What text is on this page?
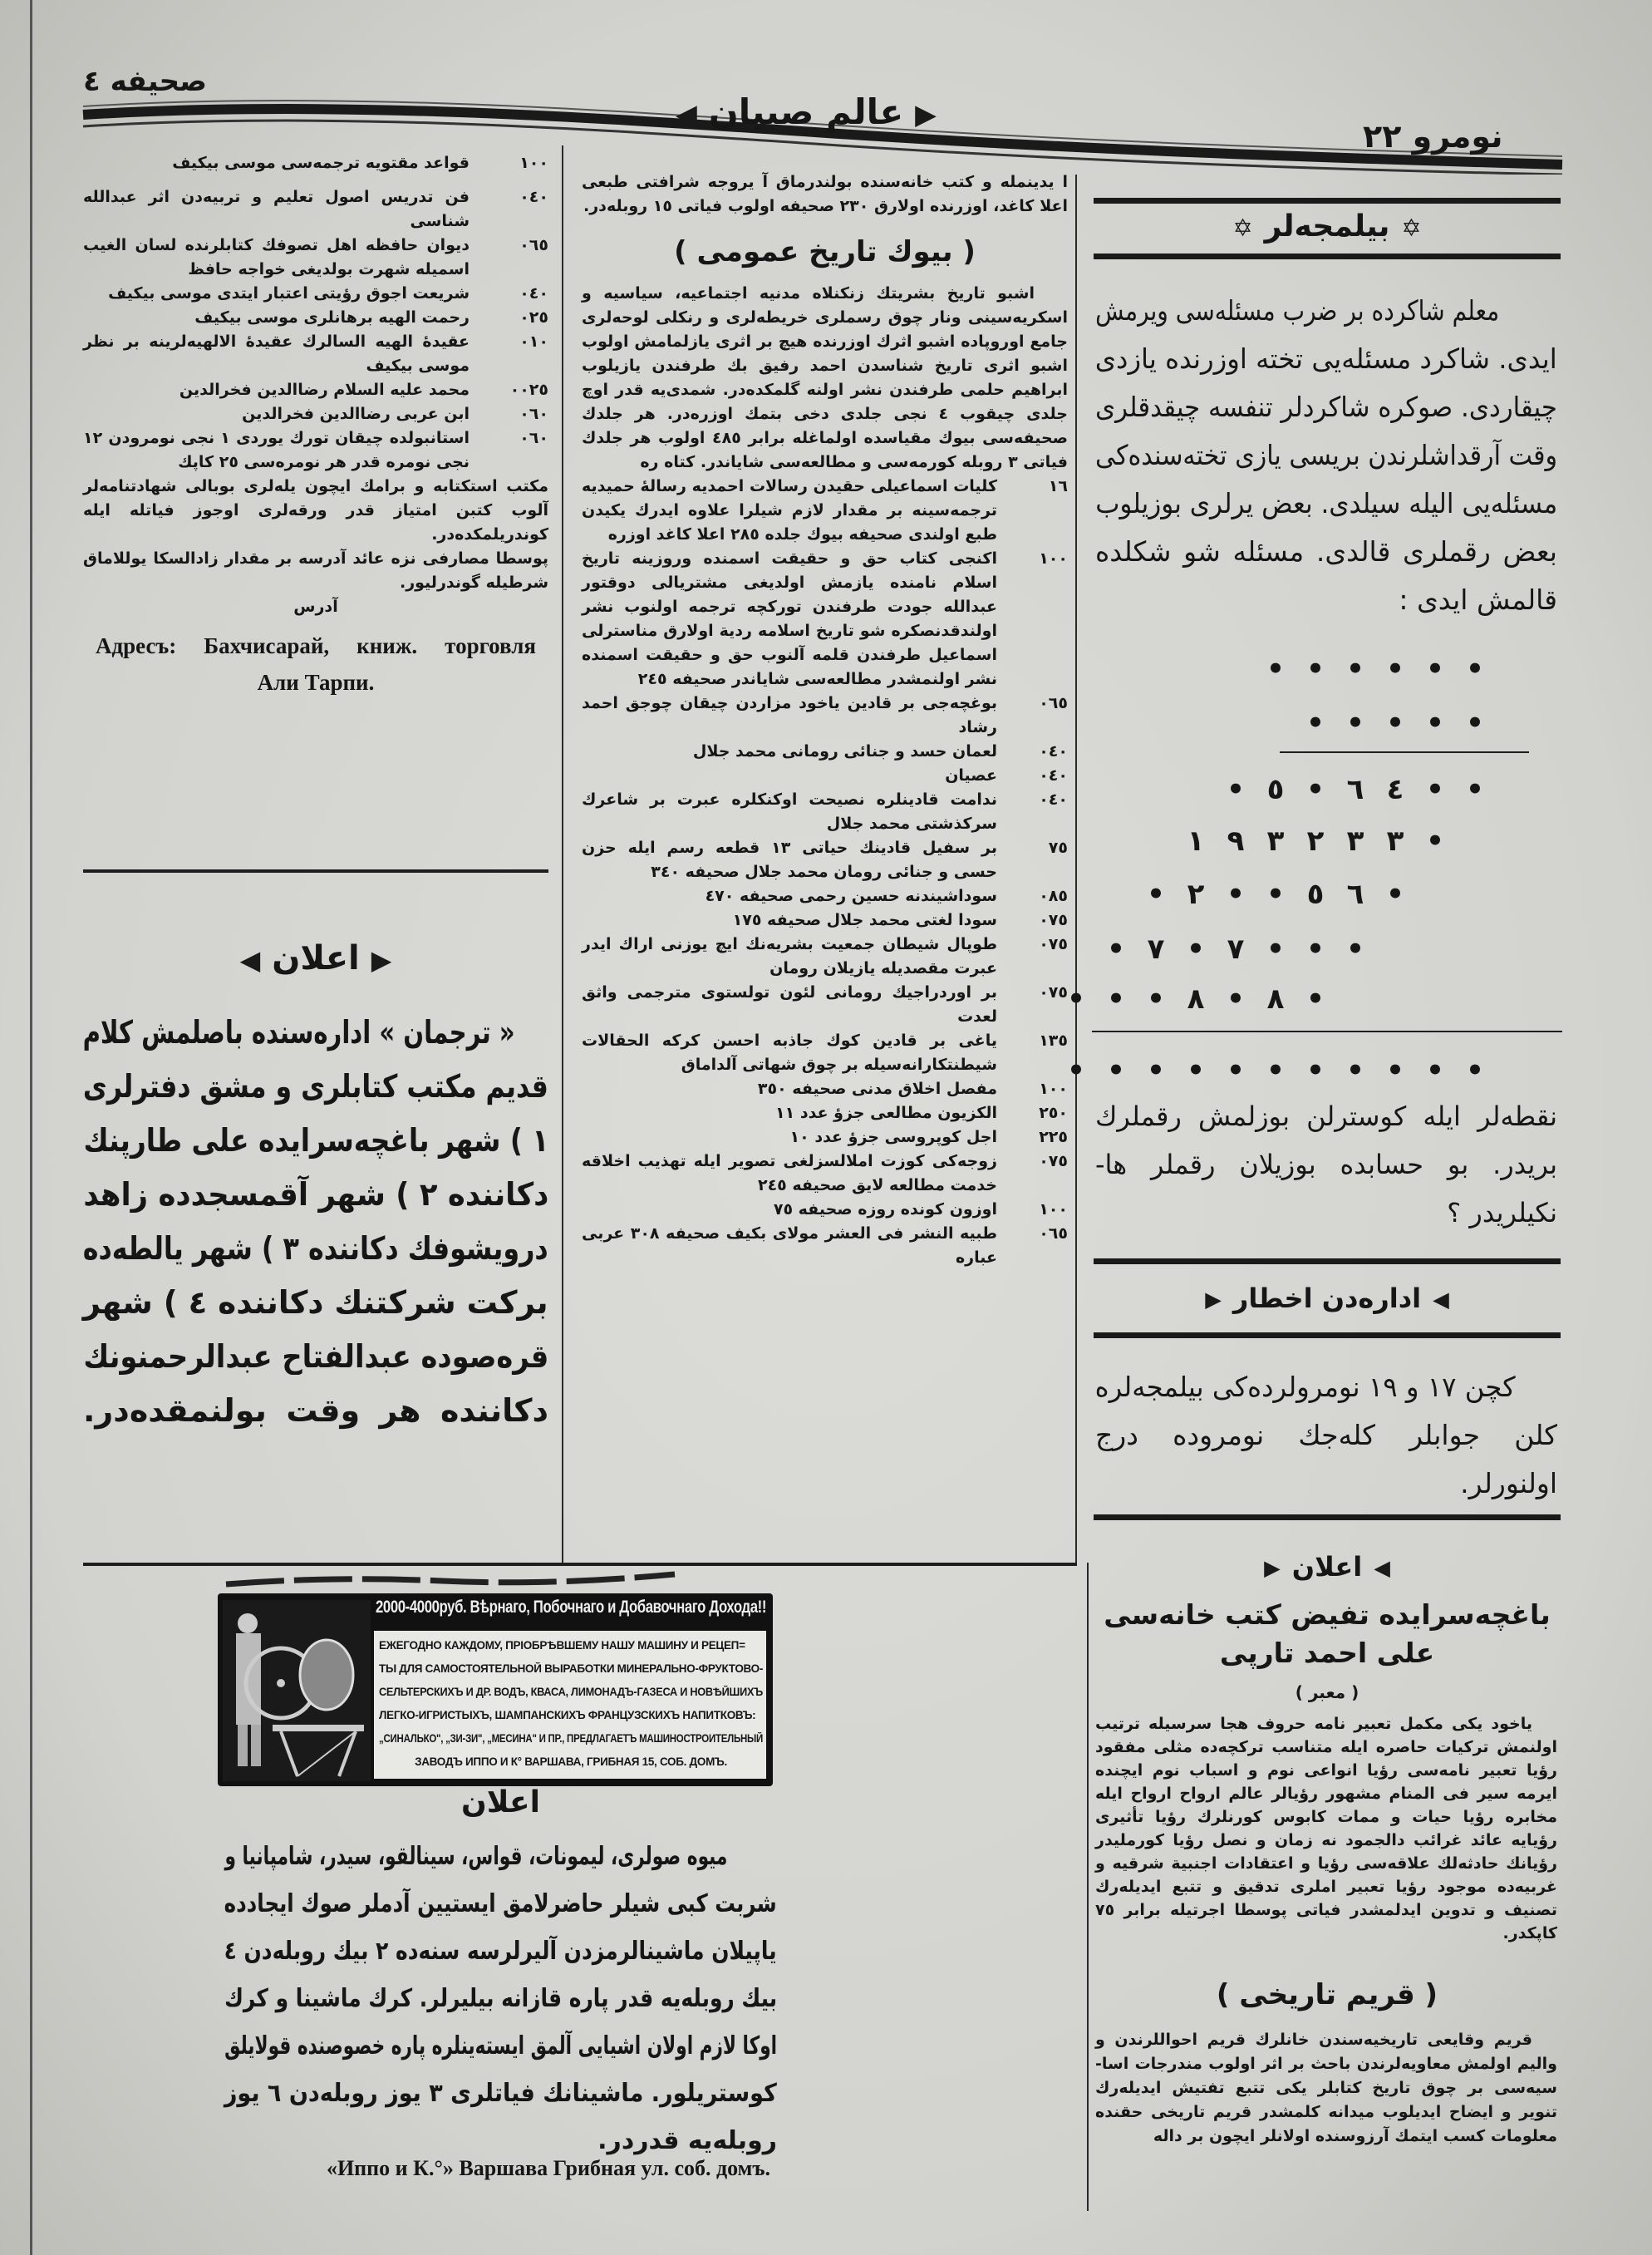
صحیفه ٤
◀ عالم صبیان ▶
نومرو ٢٢
١٠٠
قواعد مقتویه ترجمه‌سی موسی بیکیف
٠٤٠
فن تدریس اصول تعلیم و تربیه‌دن اثر عبدالله شناسی
٠٦٥
دیوان حافظه اهل تصوفك کتابلرنده لسان الغیب اسمیله شهرت بولدیغی خواجه حافظ
٠٤٠
شریعت اجوق رؤیتی اعتبار ایتدی موسی بیکیف
٠٢٥
رحمت الهیه برهانلری موسی بیکیف
٠١٠
عقیدهٔ الهیه السالرك عقیدهٔ الالهیه‌لرینه بر نظر موسی بیکیف
٠٠٢٥
محمد علیه السلام رضاالدین فخرالدین
٠٦٠
ابن عربی رضاالدین فخرالدین
٠٦٠
استانبولده چیقان تورك یوردی ١ نجی نومرودن ١٢ نجی نومره قدر هر نومره‌سی ٢٥ کاپك
مکتب استکتابه و برامك ایچون یله‌لری بوبالی شهادتنامه‌لر آلوب کتبن امتیاز قدر ورقه‌لری اوجوز فیاتله ایله کوندریلمکده‌در.
پوسطا مصارفی نزه عائد آدرسه بر مقدار زادالسکا یوللاماق شرطیله گوندرلیور.
آدرس
Адресъ: Бахчисарай, книж. торговля
Али Тарпи.
◀ اعلان ▶
« ترجمان » اداره‌سنده باصلمش کلام
قدیم مکتب کتابلری و مشق دفترلری
١ ) شهر باغچه‌سرایده علی طارپنك
دکاننده ٢ ) شهر آقمسجدده زاهد
درویشوفك دکاننده ٣ ) شهر یالطه‌ده
برکت شرکتنك دکاننده ٤ ) شهر
قره‌صوده عبدالفتاح عبدالرحمنونك
دکاننده هر وقت بولنمقده‌در.
ا یدینمله و کتب خانه‌سنده بولندرماق آ یروجه شرافتی طبعی اعلا کاغد، اوزرنده اولارق ٢٣٠ صحیفه اولوب فیاتی ١٥ روبله‌در.
( بیوك تاریخ عمومی )
اشبو تاریخ بشریتك زنکنلاه مدنیه اجتماعیه، سیاسیه و اسکریه‌سینی ونار چوق رسملری خریطه‌لری و رنکلی لوحه‌لری جامع اوروپاده اشبو اثرك اوزرنده هیچ بر اثری یازلمامش اولوب اشبو اثری تاریخ شناسدن احمد رفیق بك طرفندن یازیلوب ابراهیم حلمی طرفندن نشر اولنه گلمکده‌در. شمدی‌یه قدر اوچ جلدی چیقوب ٤ نجی جلدی دخی بتمك اوزره‌در. هر جلدك صحیفه‌سی بیوك مقیاسده اولماغله برابر ٤٨٥ اولوب هر جلدك فیاتی ٣ روبله کورمه‌سی و مطالعه‌سی شایاندر. کتاه ره
١٦
کلیات اسماعیلی حقیدن رسالات احمدیه رسالهٔ حمیدیه ترجمه‌سینه بر مقدار لازم شیلرا علاوه ایدرك یکیدن طبع اولندی صحیفه بیوك جلده ٢٨٥ اعلا کاغد اوزره
١٠٠
اکنجی کتاب حق و حقیقت اسمنده وروزینه تاریخ اسلام نامنده یازمش اولدیغی مشتریالی دوقتور عبدالله جودت طرفندن تورکچه ترجمه اولنوب نشر اولندقدنصکره شو تاریخ اسلامه ردیة اولارق مناسترلی اسماعیل طرفندن قلمه آلنوب حق و حقیقت اسمنده نشر اولنمشدر مطالعه‌سی شایاندر صحیفه ٢٤٥
٠٦٥
بوغچه‌جی بر قادین یاخود مزاردن چیقان چوجق احمد رشاد
٠٤٠
لعمان حسد و جنائی رومانی محمد جلال
٠٤٠
عصیان
٠٤٠
ندامت قادینلره نصیحت اوکنکلره عبرت بر شاعرك سرکذشتی محمد جلال
٧٥
بر سفیل قادینك حیاتی ١٣ قطعه رسم ایله حزن حسی و جنائی رومان محمد جلال صحیفه ٣٤٠
٠٨٥
سوداشیندنه حسین رحمی صحیفه ٤٧٠
٠٧٥
سودا لغتی محمد جلال صحیفه ١٧٥
٠٧٥
طوپال شیطان جمعیت بشریه‌نك ایچ یوزنی اراك ایدر عبرت مقصدیله یازیلان رومان
٠٧٥
بر اوردراجیك رومانی لئون تولستوی مترجمی واثق لعدت
١٣٥
یاغی بر قادین کوك جاذبه احسن کرکه الحقالات شیطنتکارانه‌سیله بر چوق شهاتی آلداماق
١٠٠
مفصل اخلاق مدنی صحیفه ٣٥٠
٢٥٠
الکزیون مطالعی جزؤ عدد ١١
٢٢٥
اجل کوپروسی جزؤ عدد ١٠
٠٧٥
زوجه‌کی کوزت املالسزلغی تصویر ایله تهذیب اخلاقه خدمت مطالعه لایق صحیفه ٢٤٥
١٠٠
اوزون کونده روزه صحیفه ٧٥
٠٦٥
طبیه النشر فی العشر مولای بکیف صحیفه ٣٠٨ عربی عباره
✡بیلمجه‌لر✡
معلم شاکرده بر ضرب مسئله‌سی ویرمش
ایدی. شاکرد مسئله‌یی تخته اوزرنده یازدی
چیقاردی. صوکره شاکردلر تنفسه چیقدقلری
وقت آرقداشلرندن بریسی یازی تخته‌سنده‌کی
مسئله‌یی الیله سیلدی. بعض یرلری بوزیلوب
بعض رقملری قالدی. مسئله شو شکلده
قالمش ایدی :
• • • • • •
• • • • •
• ٥ • ٦ ٤ • •
١ ٩ ٣ ٢ ٣ ٣ •
• ٢ • • ٥ ٦ •
• ٧ • ٧ • • •
• • • ٨ • ٨ •
• • • • • • • • • • •
نقطه‌لر ایله کوسترلن بوزلمش رقملرك
بریدر. بو حسابده بوزیلان رقملر ها-
نکیلریدر ؟
◀اداره‌دن اخطار▶
کچن ١٧ و ١٩ نومرولرده‌کی بیلمجه‌لره
کلن جوابلر کله‌جك نومروده درج
اولنورلر.
◀اعلان▶
باغچه‌سرایده تفیض کتب خانه‌سی
علی احمد تارپی
( معبر )
یاخود یکی مکمل تعبیر نامه حروف هجا سرسیله ترتیب اولنمش ترکیات حاصره ایله متناسب ترکچه‌ده مثلی مفقود رؤیا تعبیر نامه‌سی رؤیا انواعی نوم و اسباب نوم ایچنده ایرمه سیر فی المنام مشهور رؤیالر عالم ارواح ارواح ایله مخابره رؤیا حیات و ممات کابوس کورنلرك رؤیا تأثیری رؤیایه عائد غرائب دالجمود نه زمان و نصل رؤیا کورملیدر رؤیانك حادثه‌لك علاقه‌سی رؤیا و اعتقادات اجنبیة شرقیه و غربیه‌ده موجود رؤیا تعبیر املری تدقیق و تتبع ایدیله‌رك تصنیف و تدوین ایدلمشدر فیاتی پوسطا اجرتیله برابر ٧٥ کاپکدر.
( قریم تاریخی )
قریم وقایعی تاریخیه‌سندن خانلرك قریم احواللرندن و والیم اولمش معاویه‌لرندن باحث بر اثر اولوب مندرجات اسا-سیه‌سی بر چوق تاریخ کتابلر یکی تتبع تفتیش ایدیله‌رك تنویر و ایضاح ایدیلوب میدانه کلمشدر قریم تاریخی حقنده معلومات کسب ایتمك آرزوسنده اولانلر ایچون بر داله
2000-4000руб. Вѣрнаго, Побочнаго и Добавочнаго Дохода!!
ЕЖЕГОДНО КАЖДОМУ, ПРІОБРѢВШЕМУ НАШУ МАШИНУ И РЕЦЕП=
ТЫ ДЛЯ САМОСТОЯТЕЛЬНОЙ ВЫРАБОТКИ МИНЕРАЛЬНО-ФРУКТОВО-
СЕЛЬТЕРСКИХЪ И ДР. ВОДЪ, КВАСА, ЛИМОНАДЪ-ГАЗЕСА И НОВѢЙШИХЪ
ЛЕГКО-ИГРИСТЫХЪ, ШАМПАНСКИХЪ ФРАНЦУЗСКИХЪ НАПИТКОВЪ:
„СИНАЛЬКО", „ЗИ-ЗИ", „МЕСИНА" И ПР., ПРЕДЛАГАЕТЪ МАШИНОСТРОИТЕЛЬНЫЙ
ЗАВОДЪ ИППО И К° ВАРШАВА, ГРИБНАЯ 15, СОБ. ДОМЪ.
اعلان
میوه صولری، لیمونات، قواس، سینالقو، سیدر، شامپانیا و
شربت کبی شیلر حاضرلامق ایستیین آدملر صوك ایجادده
یاپیلان ماشینالرمزدن آلیرلرسه سنه‌ده ٢ بیك روبله‌دن ٤
بیك روبله‌یه قدر پاره قازانه بیلیرلر. کرك ماشینا و کرك
اوکا لازم اولان اشیایی آلمق ایسته‌ینلره پاره خصوصنده قولایلق
کوستریلور. ماشینانك فیاتلری ٣ یوز روبله‌دن ٦ یوز
روبله‌یه قدردر.
«Иппо и К.°» Варшава Грибная ул. соб. домъ.
